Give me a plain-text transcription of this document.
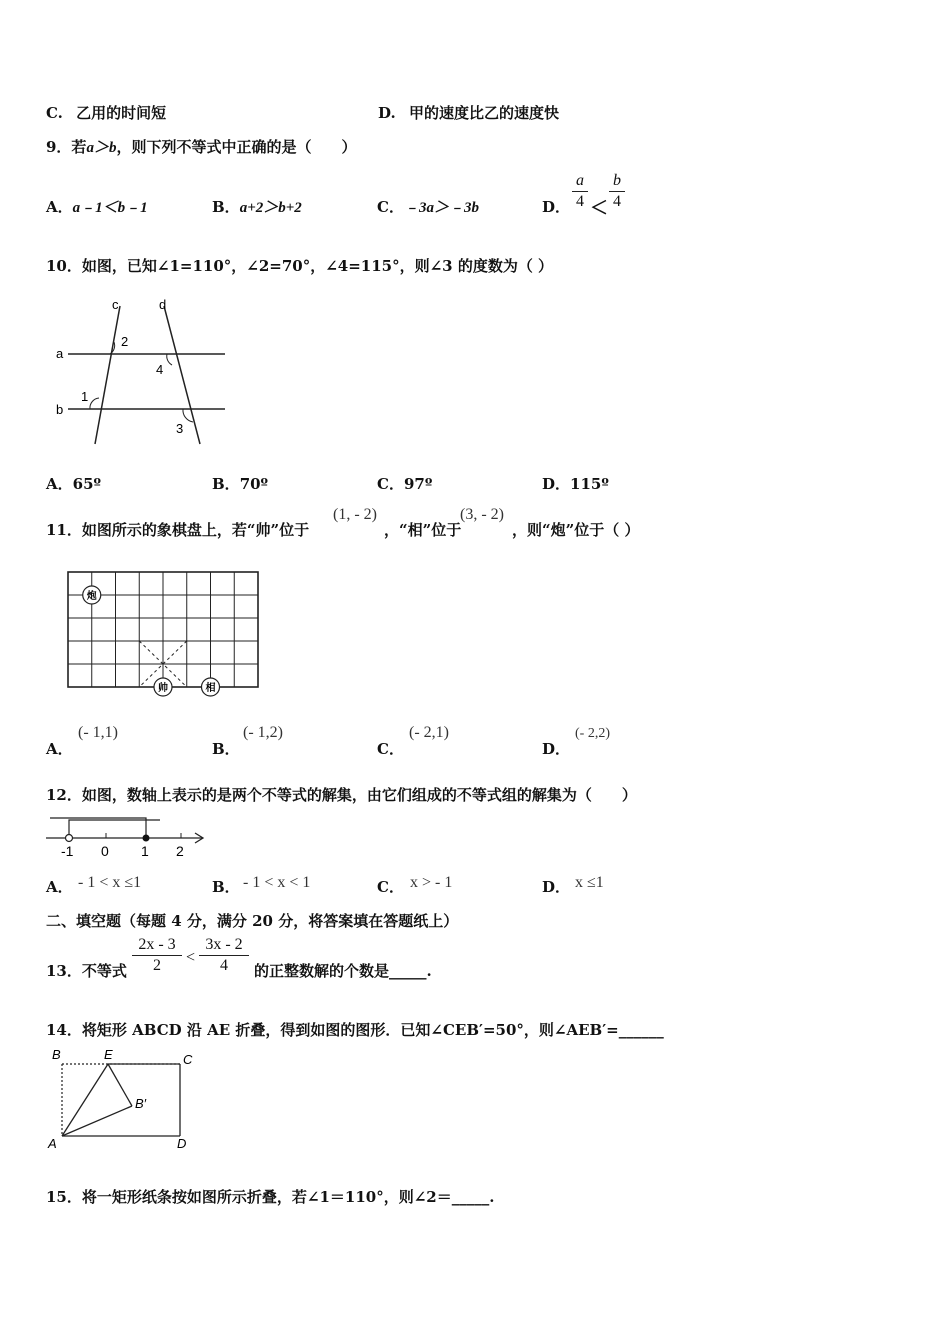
C. 乙用的时间短	D. 甲的速度比乙的速度快
9．若a＞b，则下列不等式中正确的是（　　）
A．a﹣1＜b﹣1	B．a+2＞b+2	C．﹣3a＞﹣3b	D．
a
4 ＜
b
4
10．如图，已知∠1=110°，∠2=70°，∠4=115°，则∠3 的度数为（ ）
c	d
a
b
2
4
1
3
A．65º	B．70º	C．97º	D．115º
11．如图所示的象棋盘上，若“帅”位于
(1, - 2)
，“相”位于
(3, - 2)
，则“炮”位于（ ）
炮
帅	相
A．
(- 1,1)
B．
(- 1,2)
C．
(- 2,1)
D．
(- 2,2)
12．如图，数轴上表示的是两个不等式的解集，由它们组成的不等式组的解集为（　　）
-1 0 1 2
A． - 1 < x ≤1	B． - 1 < x < 1	C． x > - 1	D． x ≤1
二、填空题（每题 4 分，满分 20 分，将答案填在答题纸上）
13．不等式
2x - 3
2	<
3x - 2
4	的正整数解的个数是_____.
14．将矩形 ABCD 沿 AE 折叠，得到如图的图形．已知∠CEB′=50°，则∠AEB′=______
B	E	C
B′
A	D
15．将一矩形纸条按如图所示折叠，若∠1＝110°，则∠2＝_____.
